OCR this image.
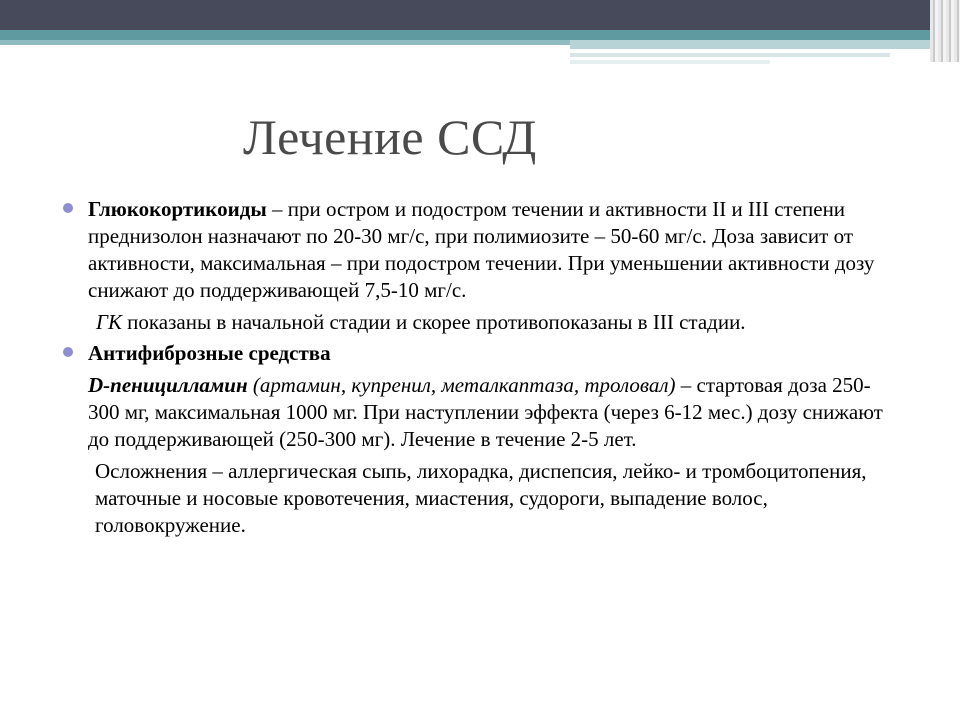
Лечение ССД

Глюкокортикоиды – при остром и подостром течении и активности II и III степени преднизолон назначают по 20-30 мг/с, при полимиозите – 50-60 мг/с. Доза зависит от активности, максимальная – при подостром течении. При уменьшении активности дозу снижают до поддерживающей 7,5-10 мг/с.

ГК показаны в начальной стадии и скорее противопоказаны в III стадии.

Антифиброзные средства

D-пеницилламин (артамин, купренил, металкаптаза, троловал) – стартовая доза 250-300 мг, максимальная 1000 мг. При наступлении эффекта (через 6-12 мес.) дозу снижают до поддерживающей (250-300 мг). Лечение в течение 2-5 лет.

Осложнения – аллергическая сыпь, лихорадка, диспепсия, лейко- и тромбоцитопения, маточные и носовые кровотечения, миастения, судороги, выпадение волос, головокружение.
